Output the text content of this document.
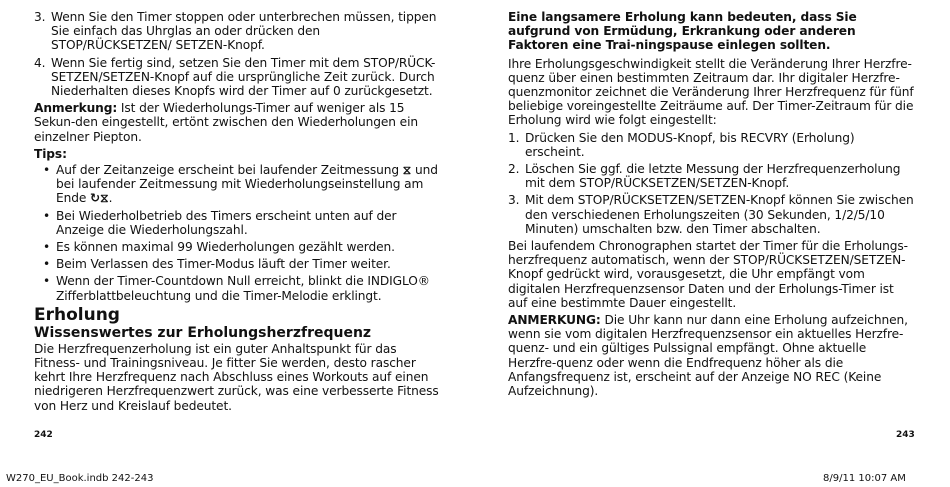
3. Wenn Sie den Timer stoppen oder unterbrechen müssen, tippen Sie einfach das Uhrglas an oder drücken den STOP/RÜCKSETZEN/ SETZEN-Knopf.
4. Wenn Sie fertig sind, setzen Sie den Timer mit dem STOP/RÜCK-SETZEN/SETZEN-Knopf auf die ursprüngliche Zeit zurück. Durch Niederhalten dieses Knopfs wird der Timer auf 0 zurückgesetzt.
Anmerkung: Ist der Wiederholungs-Timer auf weniger als 15 Sekun-den eingestellt, ertönt zwischen den Wiederholungen ein einzelner Piepton.
Tips:
• Auf der Zeitanzeige erscheint bei laufender Zeitmessung ⧖ und bei laufender Zeitmessung mit Wiederholungseinstellung am Ende ↻⧖.
• Bei Wiederholbetrieb des Timers erscheint unten auf der Anzeige die Wiederholungszahl.
• Es können maximal 99 Wiederholungen gezählt werden.
• Beim Verlassen des Timer-Modus läuft der Timer weiter.
• Wenn der Timer-Countdown Null erreicht, blinkt die INDIGLO® Zifferblattbeleuchtung und die Timer-Melodie erklingt.
Erholung
Wissenswertes zur Erholungsherzfrequenz
Die Herzfrequenzerholung ist ein guter Anhaltspunkt für das Fitness- und Trainingsniveau. Je fitter Sie werden, desto rascher kehrt Ihre Herzfrequenz nach Abschluss eines Workouts auf einen niedrigeren Herzfrequenzwert zurück, was eine verbesserte Fitness von Herz und Kreislauf bedeutet.
242
Eine langsamere Erholung kann bedeuten, dass Sie aufgrund von Ermüdung, Erkrankung oder anderen Faktoren eine Trai-ningspause einlegen sollten.
Ihre Erholungsgeschwindigkeit stellt die Veränderung Ihrer Herzfre-quenz über einen bestimmten Zeitraum dar. Ihr digitaler Herzfre-quenzmonitor zeichnet die Veränderung Ihrer Herzfrequenz für fünf beliebige voreingestellte Zeiträume auf. Der Timer-Zeitraum für die Erholung wird wie folgt eingestellt:
1. Drücken Sie den MODUS-Knopf, bis RECVRY (Erholung) erscheint.
2. Löschen Sie ggf. die letzte Messung der Herzfrequenzerholung mit dem STOP/RÜCKSETZEN/SETZEN-Knopf.
3. Mit dem STOP/RÜCKSETZEN/SETZEN-Knopf können Sie zwischen den verschiedenen Erholungszeiten (30 Sekunden, 1/2/5/10 Minuten) umschalten bzw. den Timer abschalten.
Bei laufendem Chronographen startet der Timer für die Erholungs-herzfrequenz automatisch, wenn der STOP/RÜCKSETZEN/SETZEN-Knopf gedrückt wird, vorausgesetzt, die Uhr empfängt vom digitalen Herzfrequenzsensor Daten und der Erholungs-Timer ist auf eine bestimmte Dauer eingestellt.
ANMERKUNG: Die Uhr kann nur dann eine Erholung aufzeichnen, wenn sie vom digitalen Herzfrequenzsensor ein aktuelles Herzfre-quenz- und ein gültiges Pulssignal empfängt. Ohne aktuelle Herzfre-quenz oder wenn die Endfrequenz höher als die Anfangsfrequenz ist, erscheint auf der Anzeige NO REC (Keine Aufzeichnung).
243
W270_EU_Book.indb 242-243	8/9/11 10:07 AM
